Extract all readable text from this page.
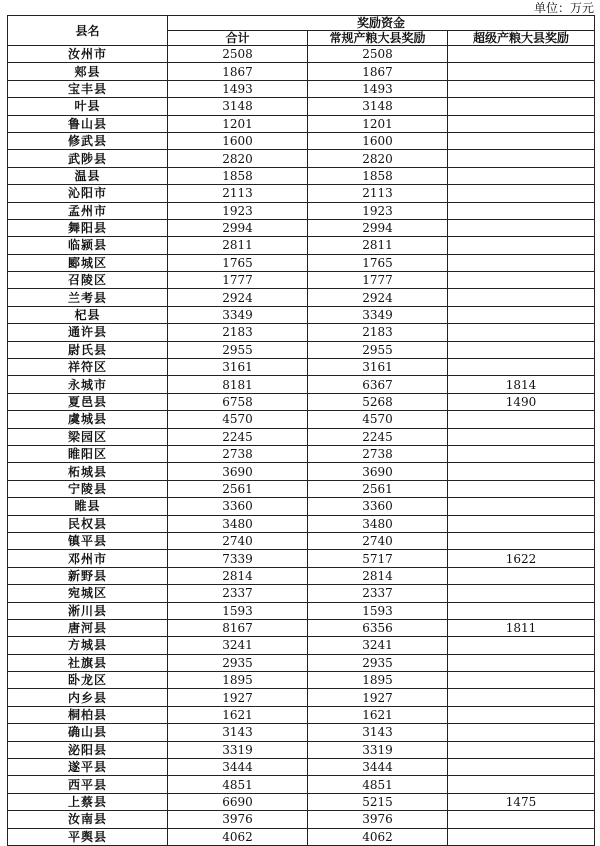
单位：万元
县名	奖励资金		
	合计	常规产粮大县奖励	超级产粮大县奖励
汝州市	2508	2508	
郏县	1867	1867	
宝丰县	1493	1493	
叶县	3148	3148	
鲁山县	1201	1201	
修武县	1600	1600	
武陟县	2820	2820	
温县	1858	1858	
沁阳市	2113	2113	
孟州市	1923	1923	
舞阳县	2994	2994	
临颍县	2811	2811	
郾城区	1765	1765	
召陵区	1777	1777	
兰考县	2924	2924	
杞县	3349	3349	
通许县	2183	2183	
尉氏县	2955	2955	
祥符区	3161	3161	
永城市	8181	6367	1814
夏邑县	6758	5268	1490
虞城县	4570	4570	
梁园区	2245	2245	
睢阳区	2738	2738	
柘城县	3690	3690	
宁陵县	2561	2561	
睢县	3360	3360	
民权县	3480	3480	
镇平县	2740	2740	
邓州市	7339	5717	1622
新野县	2814	2814	
宛城区	2337	2337	
淅川县	1593	1593	
唐河县	8167	6356	1811
方城县	3241	3241	
社旗县	2935	2935	
卧龙区	1895	1895	
内乡县	1927	1927	
桐柏县	1621	1621	
确山县	3143	3143	
泌阳县	3319	3319	
遂平县	3444	3444	
西平县	4851	4851	
上蔡县	6690	5215	1475
汝南县	3976	3976	
平舆县	4062	4062	
